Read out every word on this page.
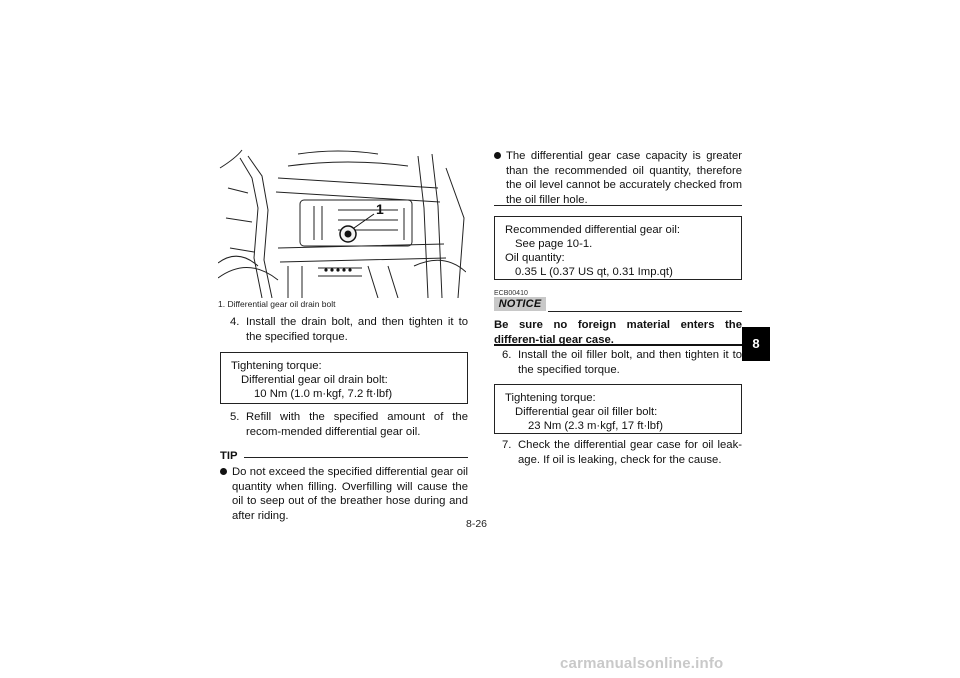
1
1. Differential gear oil drain bolt
4. Install the drain bolt, and then tighten it to the specified torque.
Tightening torque:
Differential gear oil drain bolt:
10 Nm (1.0 m·kgf, 7.2 ft·lbf)
5. Refill with the specified amount of the recom-mended differential gear oil.
TIP
Do not exceed the specified differential gear oil quantity when filling. Overfilling will cause the oil to seep out of the breather hose during and after riding.
The differential gear case capacity is greater than the recommended oil quantity, therefore the oil level cannot be accurately checked from the oil filler hole.
Recommended differential gear oil:
See page 10-1.
Oil quantity:
0.35 L (0.37 US qt, 0.31 Imp.qt)
ECB00410
NOTICE
Be sure no foreign material enters the differen-tial gear case.
6. Install the oil filler bolt, and then tighten it to the specified torque.
Tightening torque:
Differential gear oil filler bolt:
23 Nm (2.3 m·kgf, 17 ft·lbf)
7. Check the differential gear case for oil leak-age. If oil is leaking, check for the cause.
8
8-26
carmanualsonline.info
